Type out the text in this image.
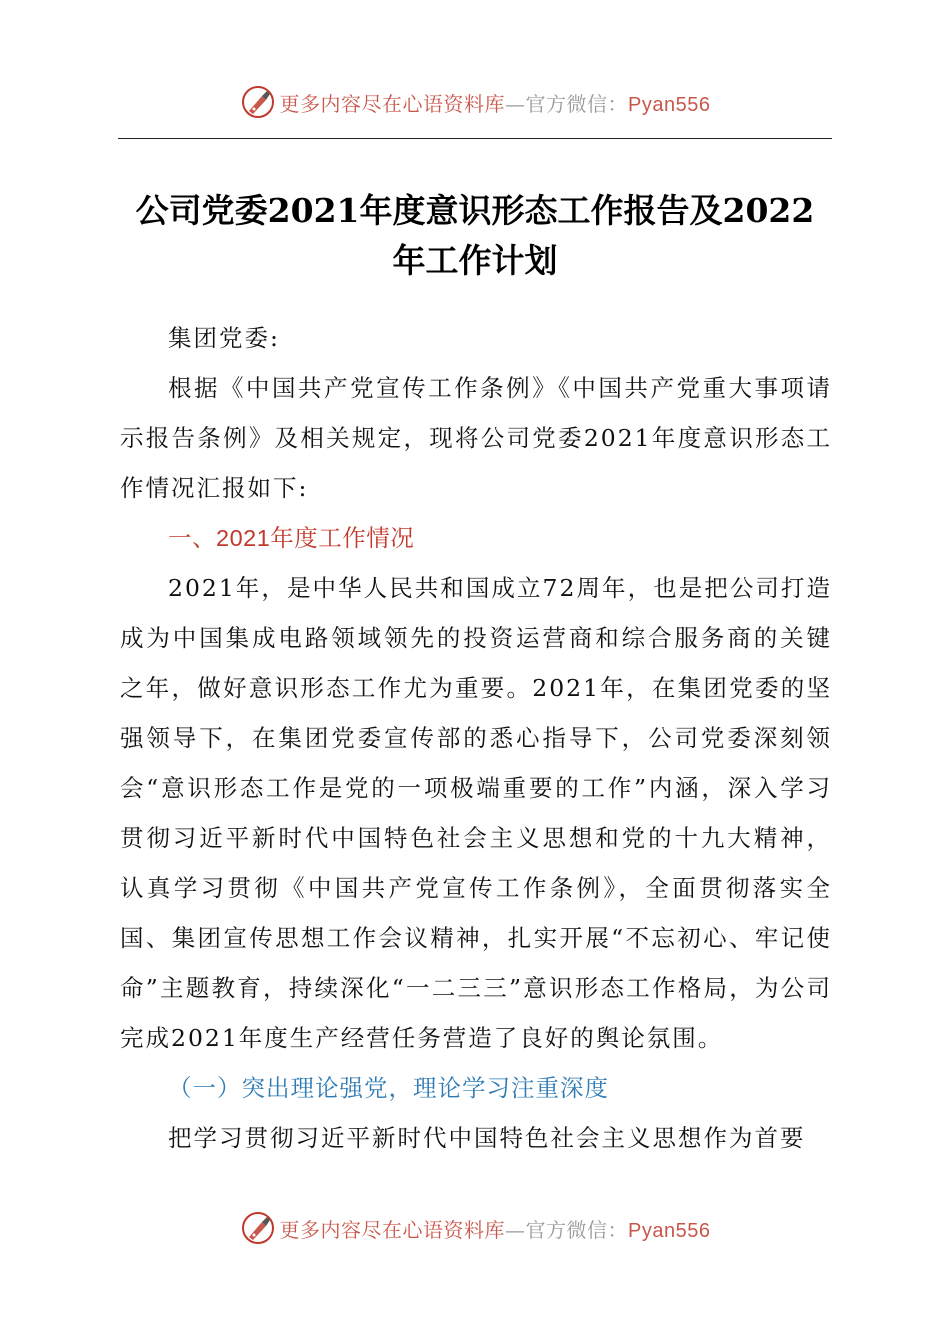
更多内容尽在心语资料库—官方微信：Pyan556
公司党委2021年度意识形态工作报告及2022
年工作计划

集团党委:

根据《中国共产党宣传工作条例》《中国共产党重大事项请示报告条例》及相关规定，现将公司党委2021年度意识形态工作情况汇报如下:

一、2021年度工作情况

2021年，是中华人民共和国成立72周年，也是把公司打造成为中国集成电路领域领先的投资运营商和综合服务商的关键之年，做好意识形态工作尤为重要。2021年，在集团党委的坚强领导下，在集团党委宣传部的悉心指导下，公司党委深刻领会“意识形态工作是党的一项极端重要的工作”内涵，深入学习贯彻习近平新时代中国特色社会主义思想和党的十九大精神，认真学习贯彻《中国共产党宣传工作条例》，全面贯彻落实全国、集团宣传思想工作会议精神，扎实开展“不忘初心、牢记使命”主题教育，持续深化“一二三三”意识形态工作格局，为公司完成2021年度生产经营任务营造了良好的舆论氛围。

（一）突出理论强党，理论学习注重深度

把学习贯彻习近平新时代中国特色社会主义思想作为首要

更多内容尽在心语资料库—官方微信：Pyan556
